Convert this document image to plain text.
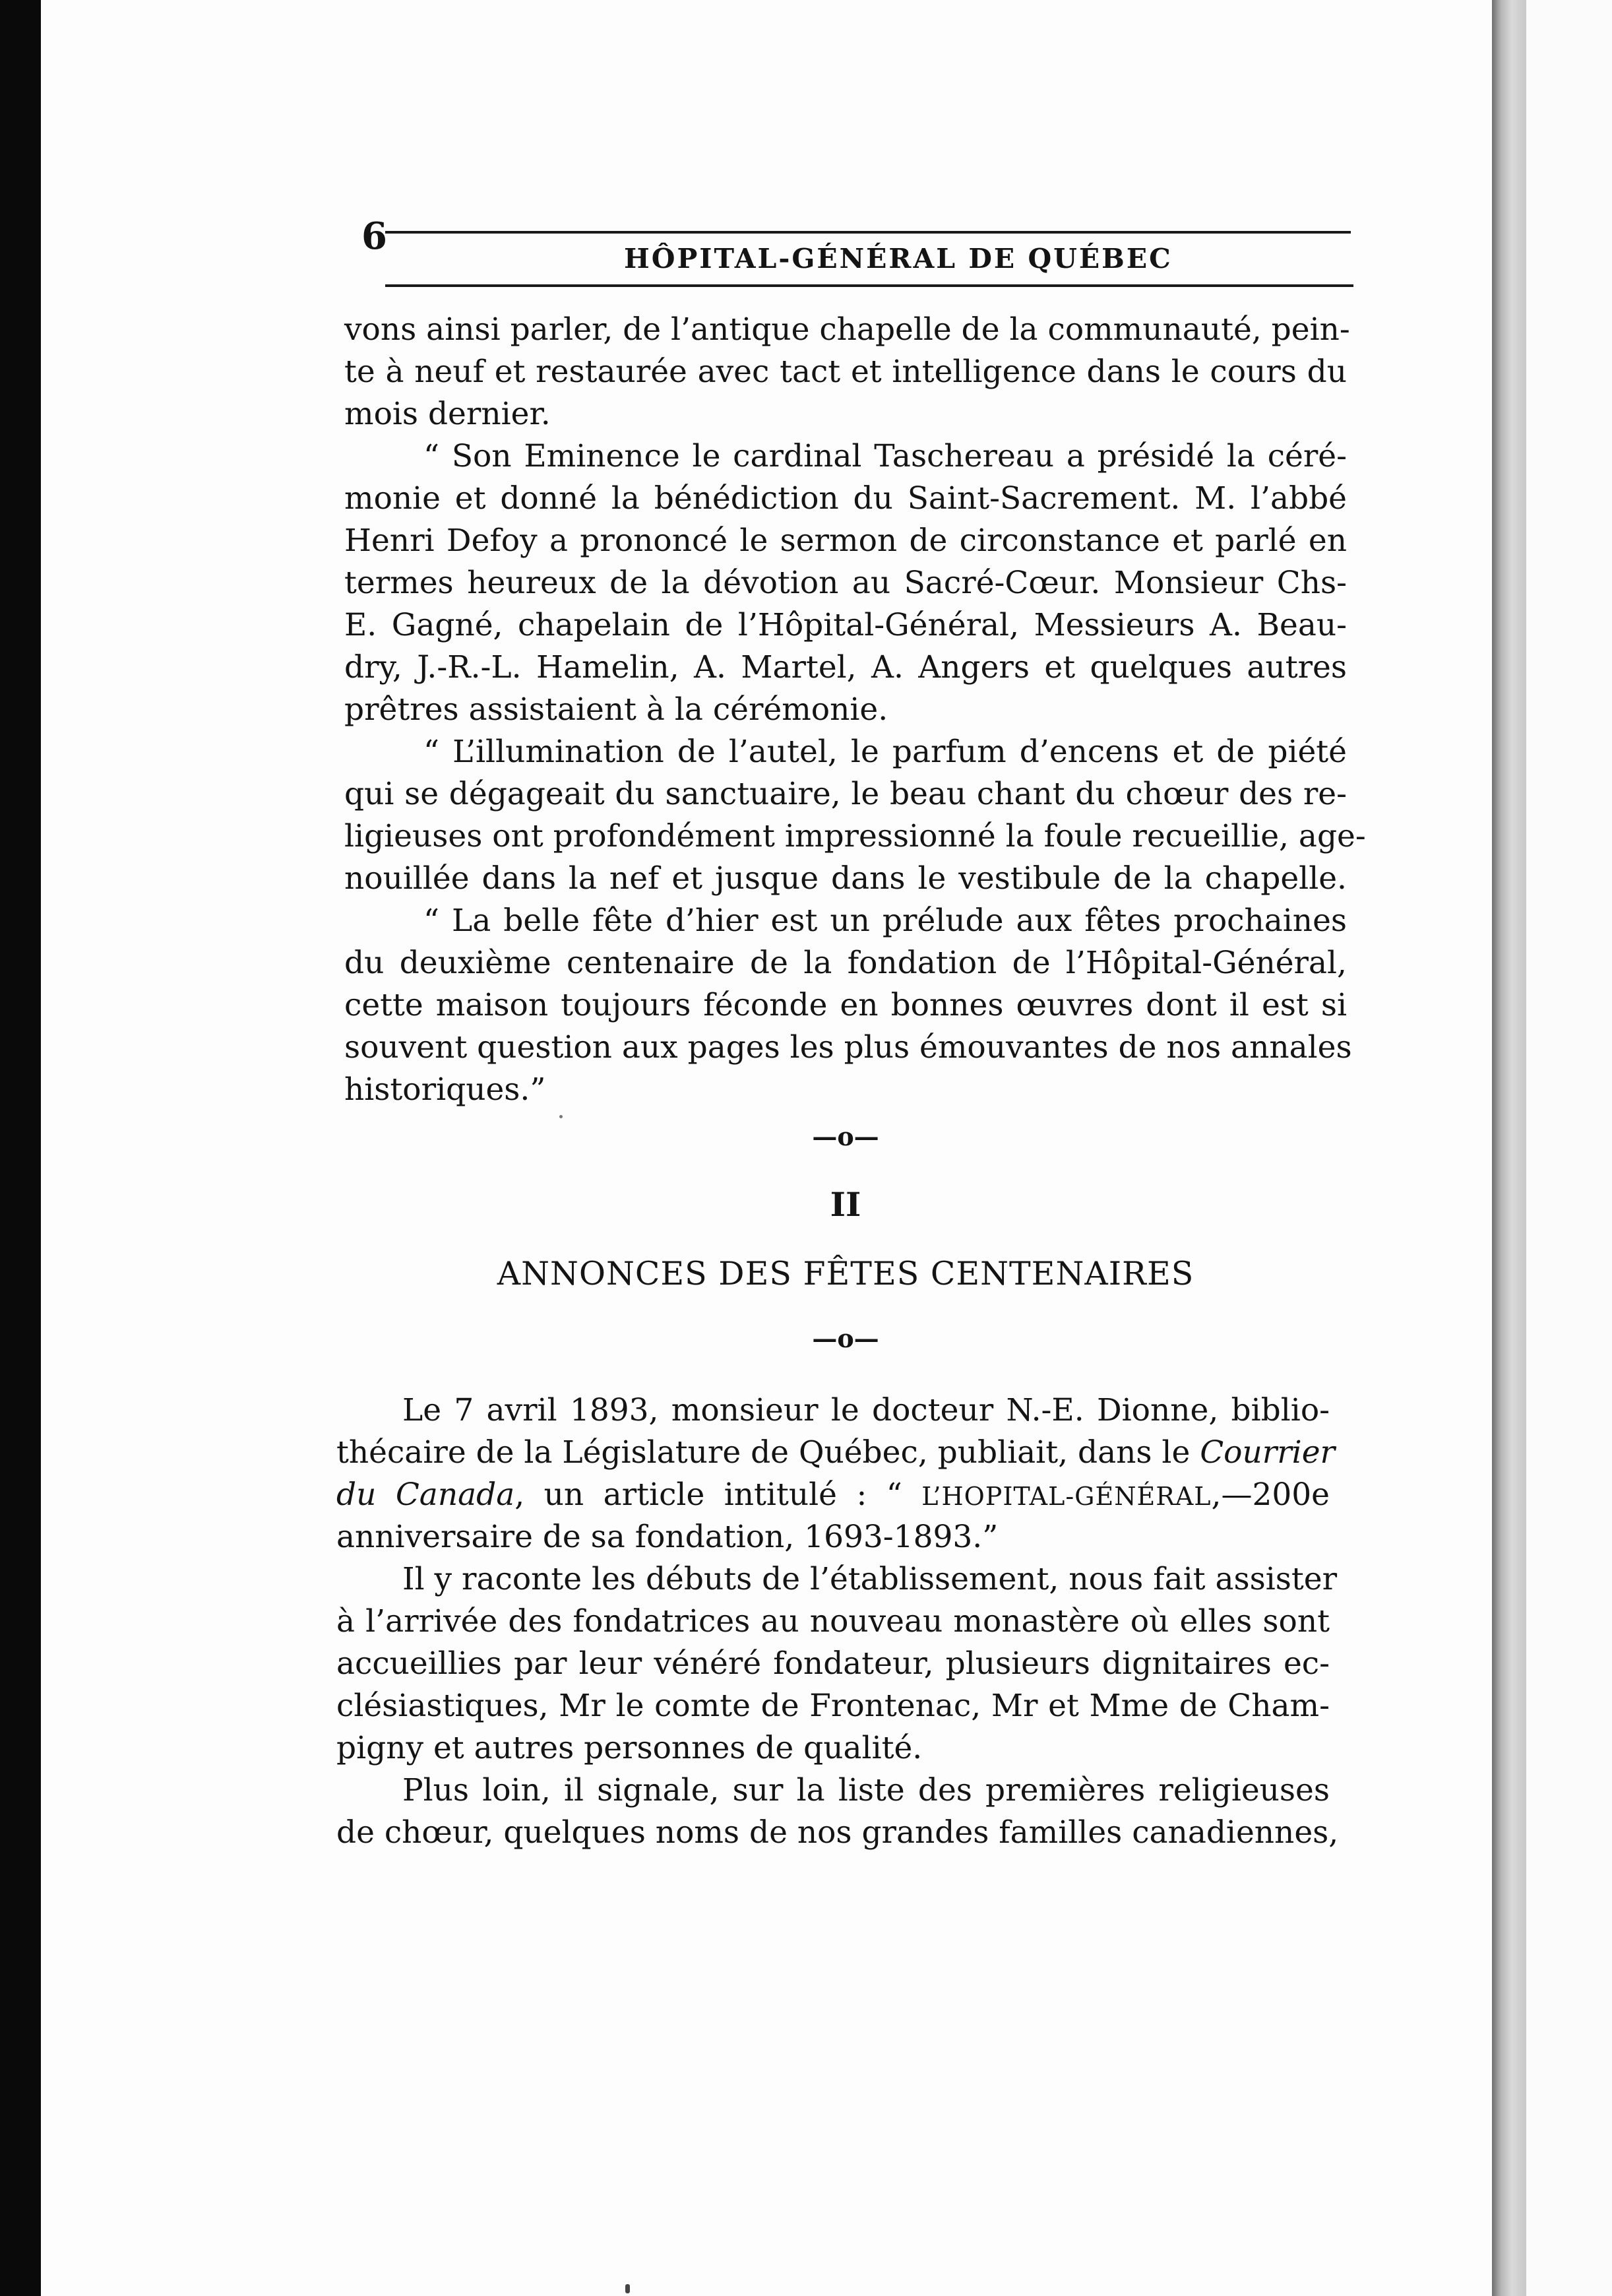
6
HÔPITAL-GÉNÉRAL DE QUÉBEC
vons ainsi parler, de l’antique chapelle de la communauté, pein-
te à neuf et restaurée avec tact et intelligence dans le cours du
mois dernier.
“ Son Eminence le cardinal Taschereau a présidé la céré-
monie et donné la bénédiction du Saint-Sacrement. M. l’abbé
Henri Defoy a prononcé le sermon de circonstance et parlé en
termes heureux de la dévotion au Sacré-Cœur. Monsieur Chs-
E. Gagné, chapelain de l’Hôpital-Général, Messieurs A. Beau-
dry, J.-R.-L. Hamelin, A. Martel, A. Angers et quelques autres
prêtres assistaient à la cérémonie.
“ L’illumination de l’autel, le parfum d’encens et de piété
qui se dégageait du sanctuaire, le beau chant du chœur des re-
ligieuses ont profondément impressionné la foule recueillie, age-
nouillée dans la nef et jusque dans le vestibule de la chapelle.
“ La belle fête d’hier est un prélude aux fêtes prochaines
du deuxième centenaire de la fondation de l’Hôpital-Général,
cette maison toujours féconde en bonnes œuvres dont il est si
souvent question aux pages les plus émouvantes de nos annales
historiques.”
—o—
II
ANNONCES DES FÊTES CENTENAIRES
—o—
Le 7 avril 1893, monsieur le docteur N.-E. Dionne, biblio-
thécaire de la Législature de Québec, publiait, dans le Courrier
du Canada, un article intitulé : “ L’HOPITAL-GÉNÉRAL,—200e
anniversaire de sa fondation, 1693-1893.”
Il y raconte les débuts de l’établissement, nous fait assister
à l’arrivée des fondatrices au nouveau monastère où elles sont
accueillies par leur vénéré fondateur, plusieurs dignitaires ec-
clésiastiques, Mr le comte de Frontenac, Mr et Mme de Cham-
pigny et autres personnes de qualité.
Plus loin, il signale, sur la liste des premières religieuses
de chœur, quelques noms de nos grandes familles canadiennes,
